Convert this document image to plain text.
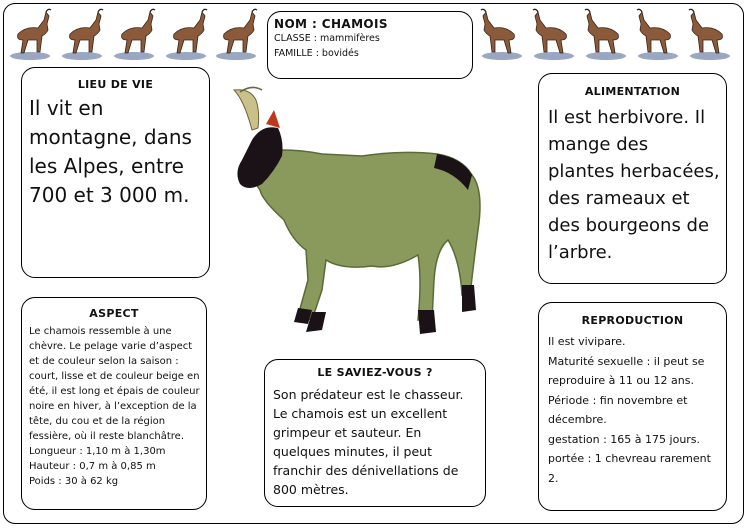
NOM : CHAMOIS
CLASSE : mammifères
FAMILLE : bovidés
LIEU DE VIE
Il vit en montagne, dans les Alpes, entre 700 et 3 000 m.
ALIMENTATION
Il est herbivore. Il mange des plantes herbacées, des rameaux et des bourgeons de l’arbre.
ASPECT
Le chamois ressemble à une chèvre. Le pelage varie d’aspect et de couleur selon la saison : court, lisse et de couleur beige en été, il est long et épais de couleur noire en hiver, à l’exception de la tête, du cou et de la région fessière, où il reste blanchâtre.
Longueur : 1,10 m à 1,30m
Hauteur : 0,7 m à 0,85 m
Poids : 30 à 62 kg
LE SAVIEZ-VOUS ?
Son prédateur est le chasseur. Le chamois est un excellent grimpeur et sauteur. En quelques minutes, il peut franchir des dénivellations de 800 mètres.
REPRODUCTION
Il est vivipare.
Maturité sexuelle : il peut se reproduire à 11 ou 12 ans.
Période : fin novembre et décembre.
gestation : 165 à 175 jours.
portée : 1 chevreau rarement 2.
